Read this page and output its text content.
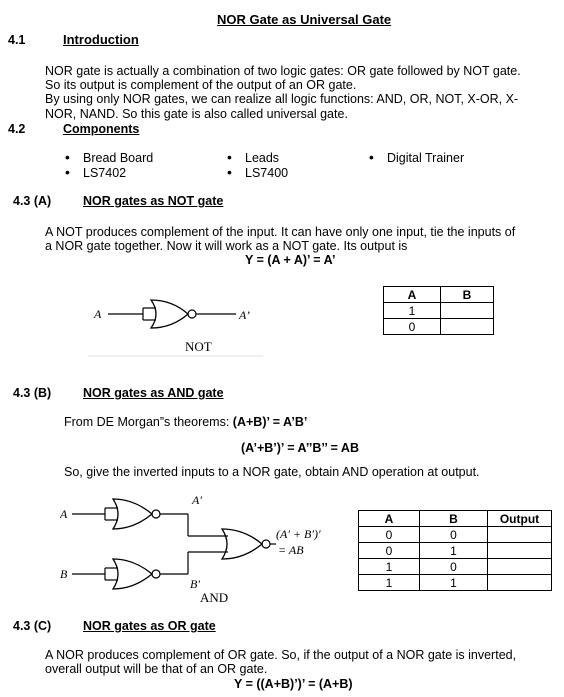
NOR Gate as Universal Gate
4.1	Introduction
NOR gate is actually a combination of two logic gates: OR gate followed by NOT gate.
So its output is complement of the output of an OR gate.
By using only NOR gates, we can realize all logic functions: AND, OR, NOT, X-OR, X-
NOR, NAND. So this gate is also called universal gate.
4.2	Components
• Bread Board
• LS7402
• Leads
• LS7400
• Digital Trainer
4.3 (A)	NOR gates as NOT gate
A NOT produces complement of the input. It can have only one input, tie the inputs of
a NOR gate together. Now it will work as a NOT gate. Its output is
Y = (A + A)’ = A’
A	A’
NOT
A	B
1	
0	
4.3 (B)	NOR gates as AND gate
From DE Morgan”s theorems: (A+B)’ = A’B’
(A’+B’)’ = A’’B’’ = AB
So, give the inverted inputs to a NOR gate, obtain AND operation at output.
A
B
A′
B′
(A′ + B′)′
= AB
AND
A	B	Output
0	0	
0	1	
1	0	
1	1	
4.3 (C)	NOR gates as OR gate
A NOR produces complement of OR gate. So, if the output of a NOR gate is inverted,
overall output will be that of an OR gate.
Y = ((A+B)’)’ = (A+B)
